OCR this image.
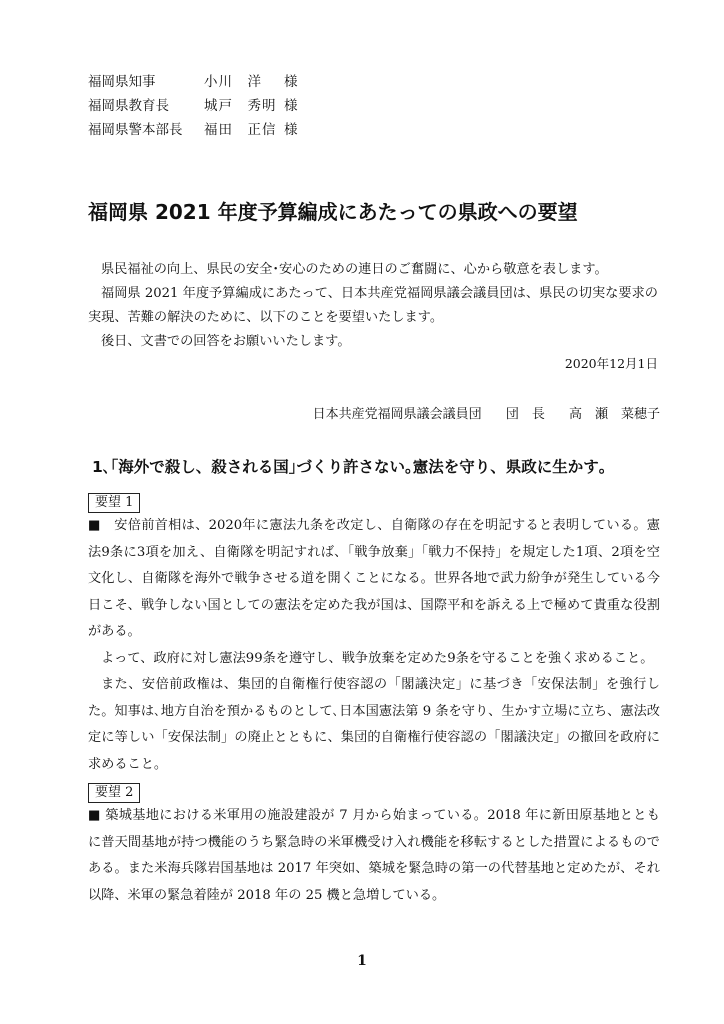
福岡県知事	小川　洋	様
福岡県教育長	城戸　秀明 様
福岡県警本部長	福田　正信 様
福岡県 2021 年度予算編成にあたっての県政への要望

県民福祉の向上、県民の安全･安心のための連日のご奮闘に、心から敬意を表します。

福岡県 2021 年度予算編成にあたって、日本共産党福岡県議会議員団は、県民の切実な要求の実現、苦難の解決のために、以下のことを要望いたします。

後日、文書での回答をお願いいたします。

2020年12月1日
日本共産党福岡県議会議員団 団　長 高　瀬　菜穂子
1､｢海外で殺し、殺される国｣づくり許さない｡憲法を守り、県政に生かす｡
要望 1

■　安倍前首相は、2020年に憲法九条を改定し、自衛隊の存在を明記すると表明している。憲法9条に3項を加え、自衛隊を明記すれば、「戦争放棄」「戦力不保持」を規定した1項、2項を空文化し、自衛隊を海外で戦争させる道を開くことになる。世界各地で武力紛争が発生している今日こそ、戦争しない国としての憲法を定めた我が国は、国際平和を訴える上で極めて貴重な役割がある。

よって、政府に対し憲法99条を遵守し、戦争放棄を定めた9条を守ることを強く求めること。

また、安倍前政権は、集団的自衛権行使容認の「閣議決定」に基づき「安保法制」を強行した。知事は､地方自治を預かるものとして､日本国憲法第 9 条を守り、生かす立場に立ち、憲法改定に等しい「安保法制」の廃止とともに、集団的自衛権行使容認の「閣議決定」の撤回を政府に求めること。

要望 2

■ 築城基地における米軍用の施設建設が 7 月から始まっている。2018 年に新田原基地とともに普天間基地が持つ機能のうち緊急時の米軍機受け入れ機能を移転するとした措置によるものである。また米海兵隊岩国基地は 2017 年突如、築城を緊急時の第一の代替基地と定めたが、それ以降、米軍の緊急着陸が 2018 年の 25 機と急増している。

1
